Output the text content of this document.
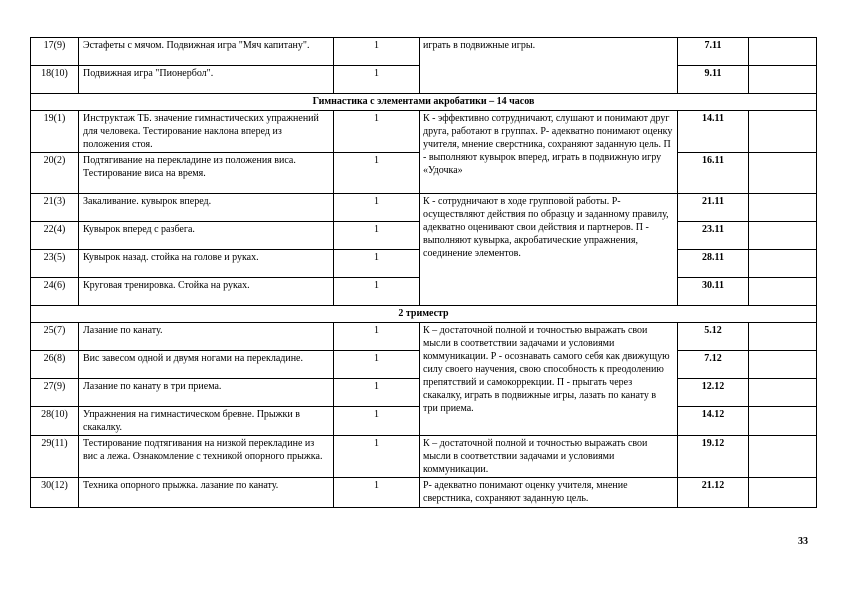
17(9)	Эстафеты с мячом. Подвижная игра "Мяч капитану".	1	играть в подвижные игры.	7.11	
18(10)	Подвижная игра "Пионербол".	1		9.11	
Гимнастика с элементами акробатики – 14 часов					
19(1)	Инструктаж ТБ. значение гимнастических упражнений для человека. Тестирование наклона вперед из положения стоя.	1	К - эффективно сотрудничают, слушают и понимают друг друга, работают в группах. Р- адекватно понимают оценку учителя, мнение сверстника, сохраняют заданную цель. П - выполняют кувырок вперед, играть в подвижную игру «Удочка»	14.11	
20(2)	Подтягивание на перекладине из положения виса. Тестирование виса на время.	1		16.11	
21(3)	Закаливание. кувырок вперед.	1	К - сотрудничают в ходе групповой работы. Р- осуществляют действия по образцу и заданному правилу, адекватно оценивают свои действия и партнеров. П - выполняют кувырка, акробатические упражнения, соединение элементов.	21.11	
22(4)	Кувырок вперед с разбега.	1		23.11	
23(5)	Кувырок назад. стойка на голове и руках.	1		28.11	
24(6)	Круговая тренировка. Стойка на руках.	1		30.11	
2 триместр					
25(7)	Лазание по канату.	1	К – достаточной полной и точностью выражать свои мысли в соответствии задачами и условиями коммуникации. Р - осознавать самого себя как движущую силу своего научения, свою способность к преодолению препятствий и самокоррекции. П - прыгать через скакалку, играть в подвижные игры, лазать по канату в три приема.	5.12	
26(8)	Вис завесом одной и двумя ногами на перекладине.	1		7.12	
27(9)	Лазание по канату в три приема.	1		12.12	
28(10)	Упражнения на гимнастическом бревне. Прыжки в скакалку.	1		14.12	
29(11)	Тестирование подтягивания на низкой перекладине из вис а лежа. Ознакомление с техникой опорного прыжка.	1	К – достаточной полной и точностью выражать свои мысли в соответствии задачами и условиями коммуникации.	19.12	
30(12)	Техника опорного прыжка. лазание по канату.	1	Р- адекватно понимают оценку учителя, мнение сверстника, сохраняют заданную цель.	21.12	
33
